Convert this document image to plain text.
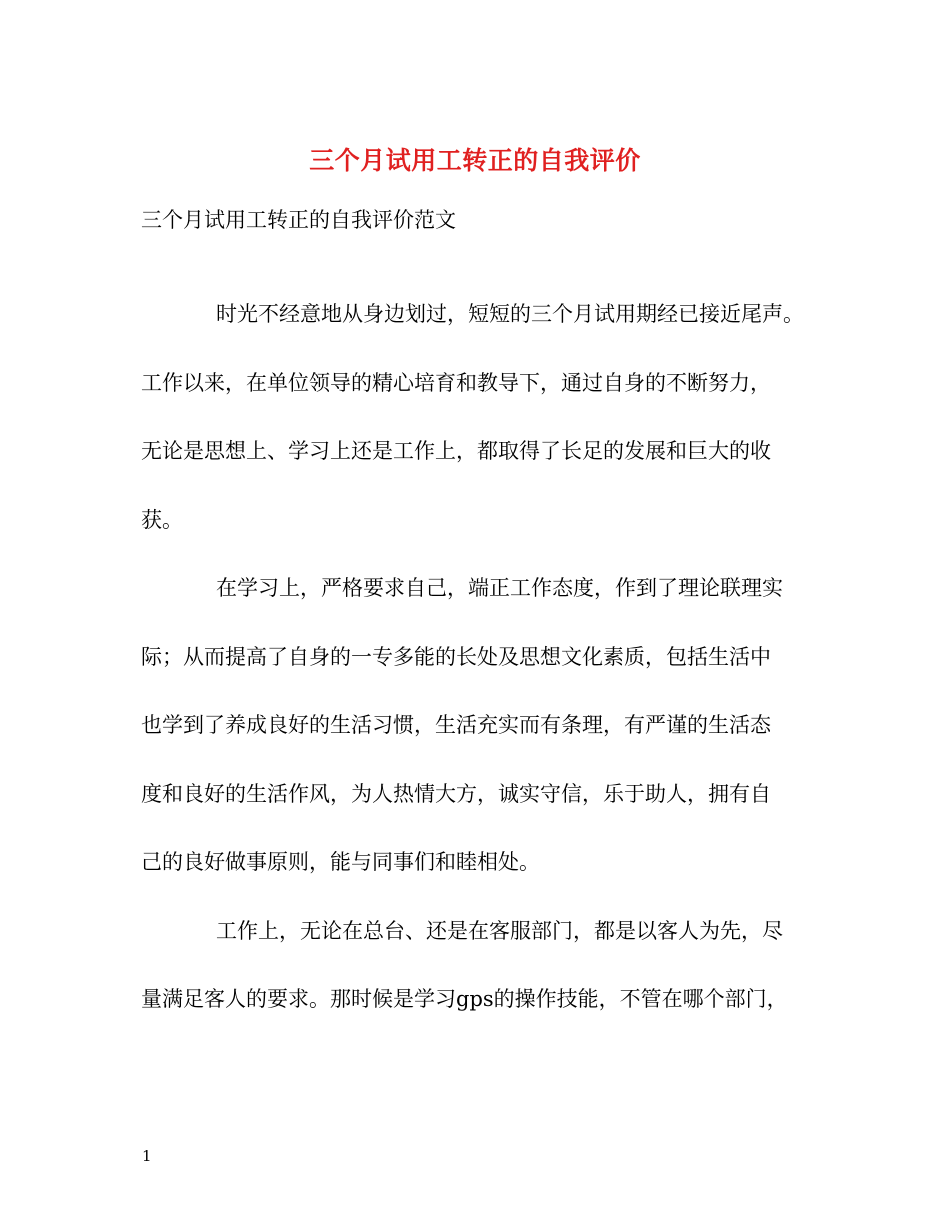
三个月试用工转正的自我评价
三个月试用工转正的自我评价范文
时光不经意地从身边划过，短短的三个月试用期经已接近尾声。
工作以来，在单位领导的精心培育和教导下，通过自身的不断努力，
无论是思想上、学习上还是工作上，都取得了长足的发展和巨大的收
获。
在学习上，严格要求自己，端正工作态度，作到了理论联理实
际；从而提高了自身的一专多能的长处及思想文化素质，包括生活中
也学到了养成良好的生活习惯，生活充实而有条理，有严谨的生活态
度和良好的生活作风，为人热情大方，诚实守信，乐于助人，拥有自
己的良好做事原则，能与同事们和睦相处。
工作上，无论在总台、还是在客服部门，都是以客人为先，尽
量满足客人的要求。那时候是学习gps的操作技能，不管在哪个部门，
1
